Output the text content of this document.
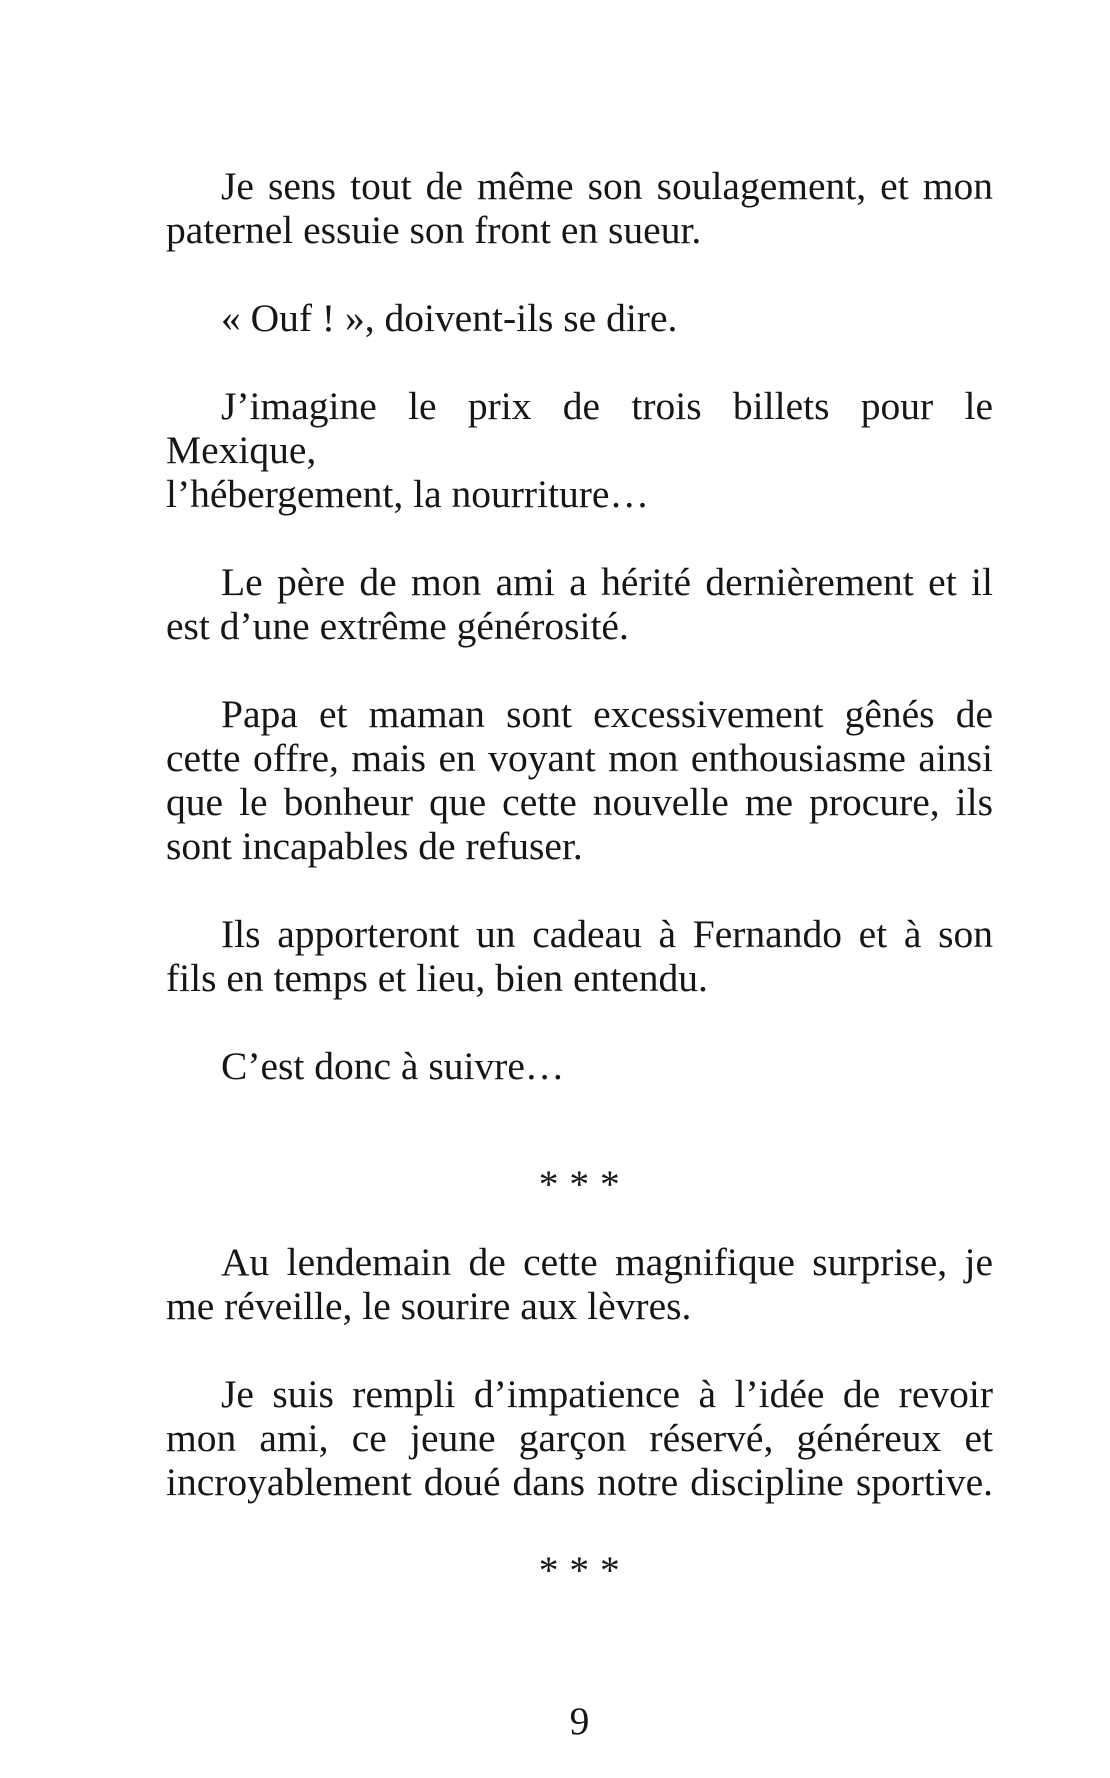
Je sens tout de même son soulagement, et mon
paternel essuie son front en sueur.
« Ouf ! », doivent-ils se dire.
J’imagine le prix de trois billets pour le Mexique,
l’hébergement, la nourriture…
Le père de mon ami a hérité dernièrement et il
est d’une extrême générosité.
Papa et maman sont excessivement gênés de
cette offre, mais en voyant mon enthousiasme ainsi
que le bonheur que cette nouvelle me procure, ils
sont incapables de refuser.
Ils apporteront un cadeau à Fernando et à son
fils en temps et lieu, bien entendu.
C’est donc à suivre…
* * *
Au lendemain de cette magnifique surprise, je
me réveille, le sourire aux lèvres.
Je suis rempli d’impatience à l’idée de revoir
mon ami, ce jeune garçon réservé, généreux et
incroyablement doué dans notre discipline sportive.
* * *
9
